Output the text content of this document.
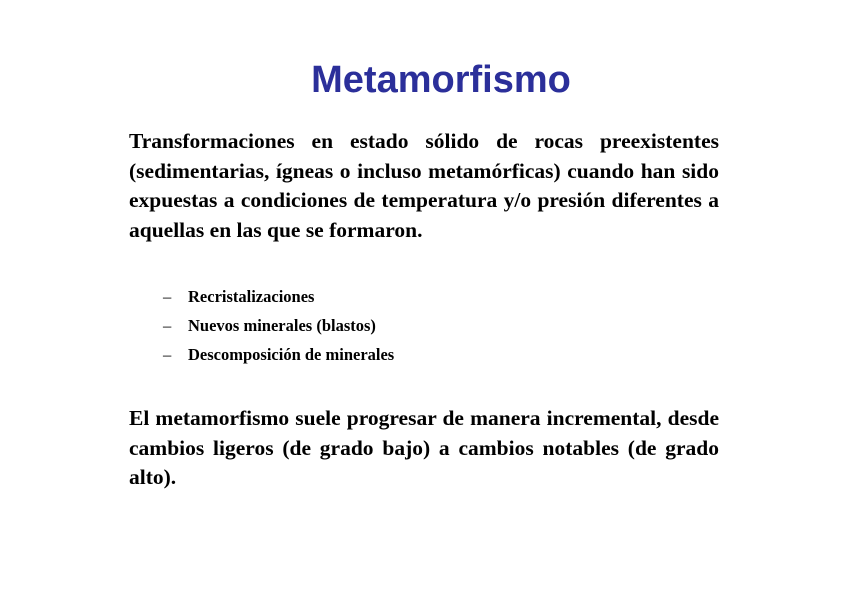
Metamorfismo

Transformaciones en estado sólido de rocas preexistentes (sedimentarias, ígneas o incluso metamórficas) cuando han sido expuestas a condiciones de temperatura y/o presión diferentes a aquellas en las que se formaron.

–	Recristalizaciones
–	Nuevos minerales (blastos)
–	Descomposición de minerales

El metamorfismo suele progresar de manera incremental, desde cambios ligeros (de grado bajo) a cambios notables (de grado alto).
